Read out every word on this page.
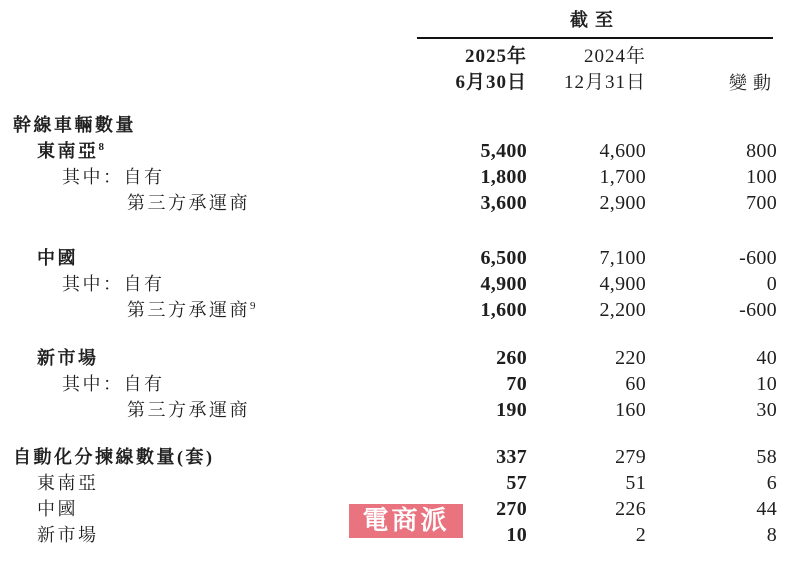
截至
2025年	2024年
6月30日	12月31日	變動
幹線車輛數量
東南亞$^8$	5,400	4,600	800
其中：自有	1,800	1,700	100
第三方承運商	3,600	2,900	700
中國	6,500	7,100	-600
其中：自有	4,900	4,900	0
第三方承運商$^9$	1,600	2,200	-600
新市場	260	220	40
其中：自有	70	60	10
第三方承運商	190	160	30
自動化分揀線數量(套)	337	279	58
東南亞	57	51	6
中國	270	226	44
新市場	10	2	8
電商派
